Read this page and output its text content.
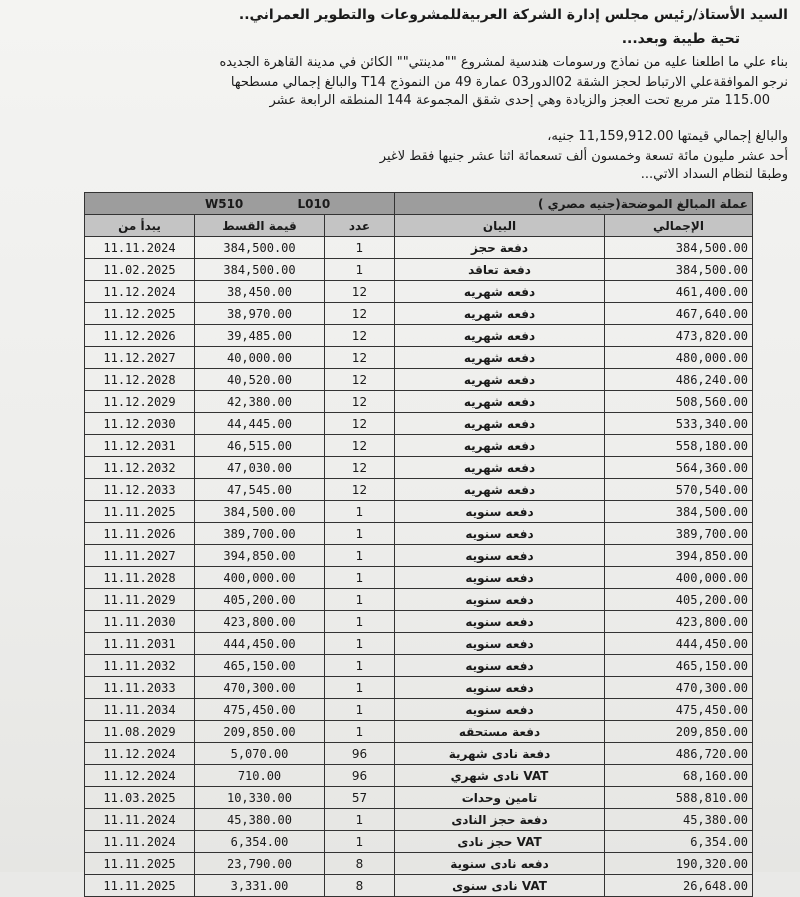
السيد الأستاذ/رئيس مجلس إدارة الشركة العربيةللمشروعات والتطوير العمراني..
تحية طيبة وبعد...
بناء علي ما اطلعنا عليه من نماذج ورسومات هندسية لمشروع ""مدينتي"" الكائن في مدينة القاهرة الجديده
نرجو الموافقةعلي الارتباط لحجز الشقة 02الدور03 عمارة 49 من النموذج T14 والبالغ إجمالي مسطحها
115.00 متر مربع تحت العجز والزيادة وهي إحدى شقق المجموعة 144 المنطقه الرابعة عشر
والبالغ إجمالي قيمتها 11,159,912.00 جنيه،
أحد عشر مليون مائة تسعة وخمسون ألف تسعمائة اثنا عشر جنيها فقط لاغير
وطبقا لنظام السداد الاتي...
W510 L010			عملة المبالغ الموضحة(جنيه مصري )	
يبدأ من	قيمة القسط	عدد	البيان	الإجمالي
11.11.2024	384,500.00	1	دفعة حجز	384,500.00
11.02.2025	384,500.00	1	دفعة تعاقد	384,500.00
11.12.2024	38,450.00	12	دفعه شهريه	461,400.00
11.12.2025	38,970.00	12	دفعه شهريه	467,640.00
11.12.2026	39,485.00	12	دفعه شهريه	473,820.00
11.12.2027	40,000.00	12	دفعه شهريه	480,000.00
11.12.2028	40,520.00	12	دفعه شهريه	486,240.00
11.12.2029	42,380.00	12	دفعه شهريه	508,560.00
11.12.2030	44,445.00	12	دفعه شهريه	533,340.00
11.12.2031	46,515.00	12	دفعه شهريه	558,180.00
11.12.2032	47,030.00	12	دفعه شهريه	564,360.00
11.12.2033	47,545.00	12	دفعه شهريه	570,540.00
11.11.2025	384,500.00	1	دفعه سنويه	384,500.00
11.11.2026	389,700.00	1	دفعه سنويه	389,700.00
11.11.2027	394,850.00	1	دفعه سنويه	394,850.00
11.11.2028	400,000.00	1	دفعه سنويه	400,000.00
11.11.2029	405,200.00	1	دفعه سنويه	405,200.00
11.11.2030	423,800.00	1	دفعه سنويه	423,800.00
11.11.2031	444,450.00	1	دفعه سنويه	444,450.00
11.11.2032	465,150.00	1	دفعه سنويه	465,150.00
11.11.2033	470,300.00	1	دفعه سنويه	470,300.00
11.11.2034	475,450.00	1	دفعه سنويه	475,450.00
11.08.2029	209,850.00	1	دفعة مستحقه	209,850.00
11.12.2024	5,070.00	96	دفعة نادى شهرية	486,720.00
11.12.2024	710.00	96	VAT نادى شهري	68,160.00
11.03.2025	10,330.00	57	تامين وحدات	588,810.00
11.11.2024	45,380.00	1	دفعة حجز النادى	45,380.00
11.11.2024	6,354.00	1	VAT حجز نادى	6,354.00
11.11.2025	23,790.00	8	دفعه نادى سنوية	190,320.00
11.11.2025	3,331.00	8	VAT نادى سنوى	26,648.00
